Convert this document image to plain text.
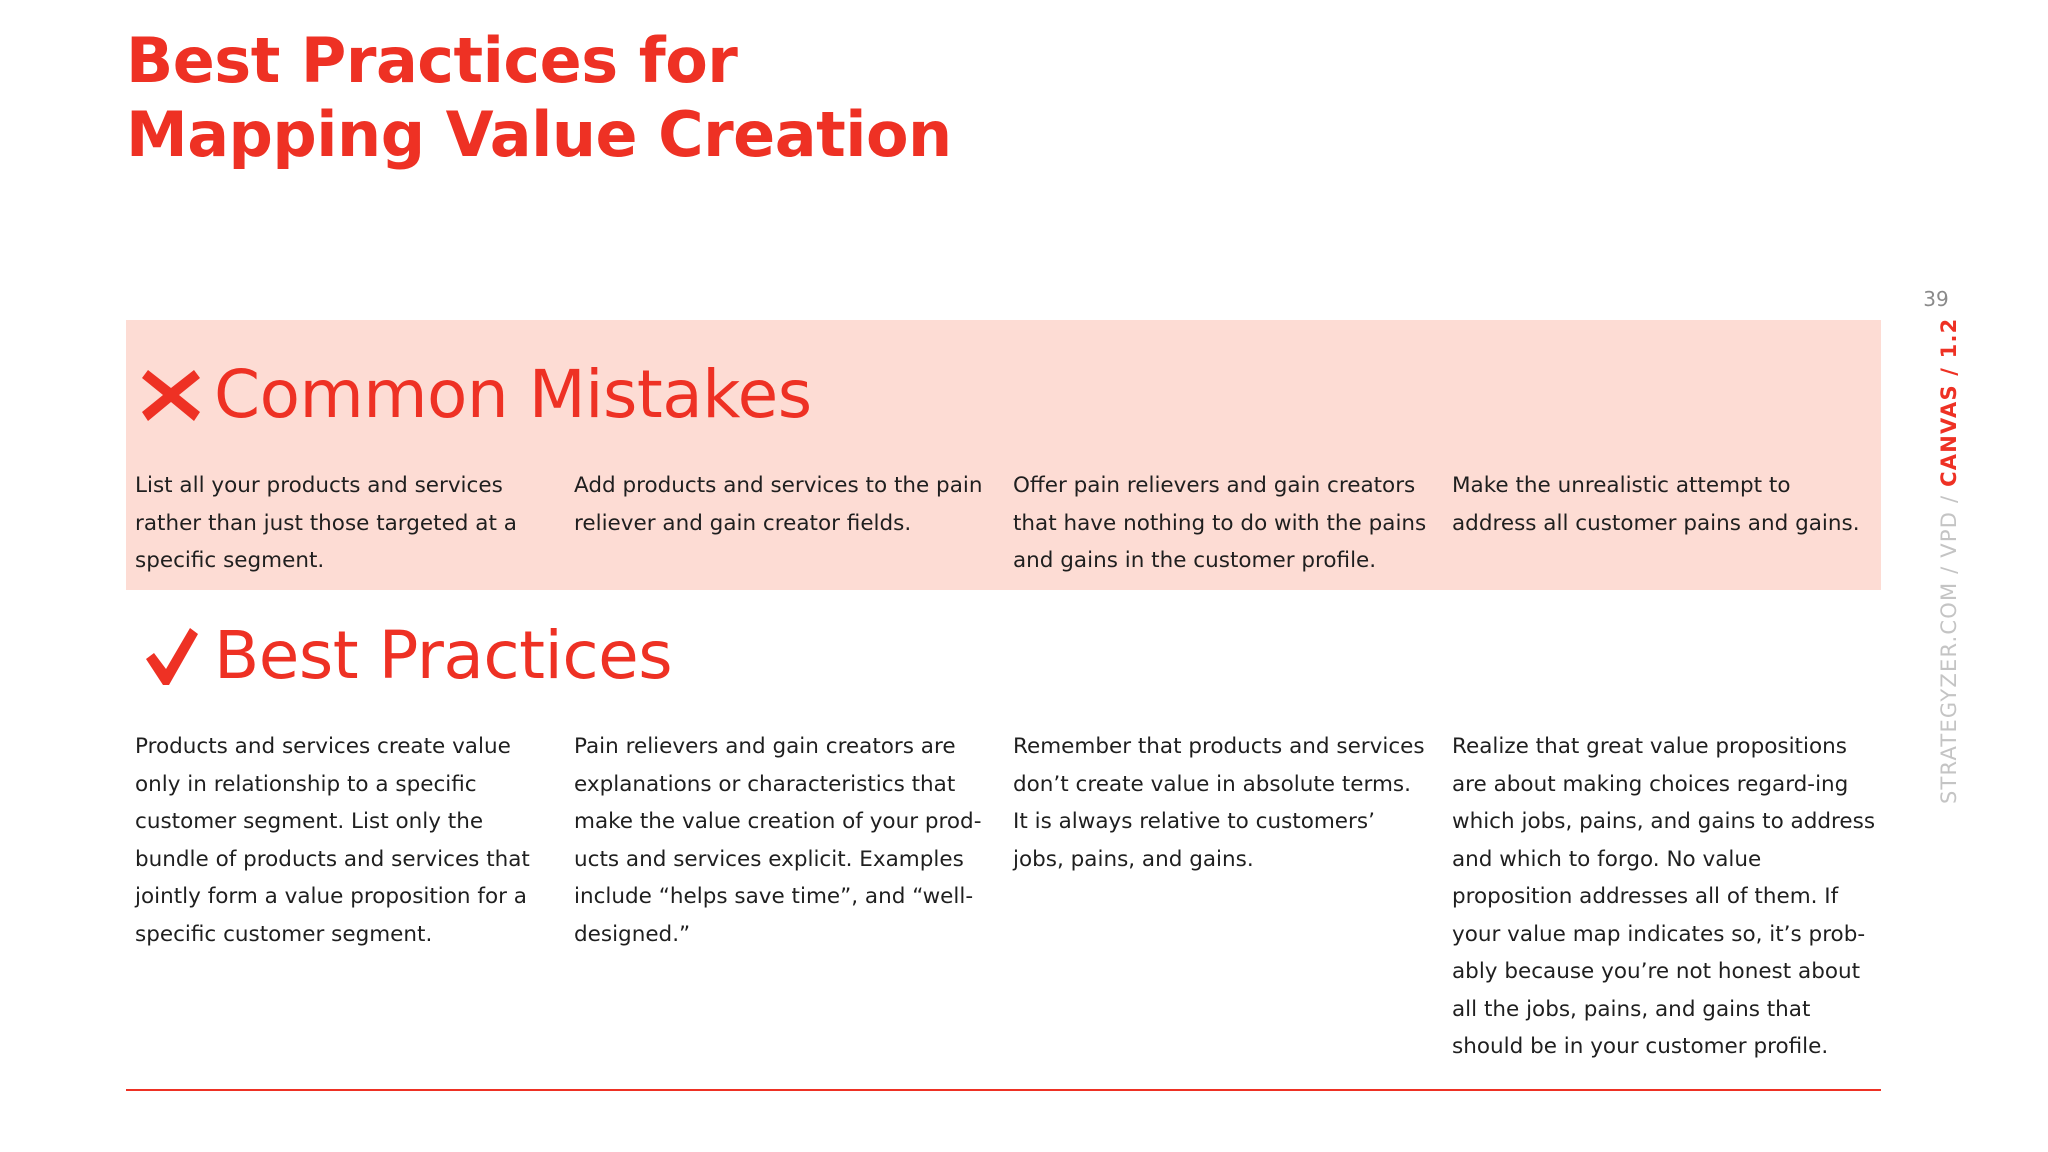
Best Practices for
Mapping Value Creation
Common Mistakes

List all your products and services rather than just those targeted at a specific segment.

Add products and services to the pain reliever and gain creator fields.

Offer pain relievers and gain creators that have nothing to do with the pains and gains in the customer profile.

Make the unrealistic attempt to address all customer pains and gains.

Best Practices

Products and services create value only in relationship to a specific customer segment. List only the bundle of products and services that jointly form a value proposition for a specific customer segment.

Pain relievers and gain creators are explanations or characteristics that make the value creation of your prod-ucts and services explicit. Examples include “helps save time”, and “well-designed.”

Remember that products and services don’t create value in absolute terms. It is always relative to customers’ jobs, pains, and gains.

Realize that great value propositions are about making choices regard-ing which jobs, pains, and gains to address and which to forgo. No value proposition addresses all of them. If your value map indicates so, it’s prob-ably because you’re not honest about all the jobs, pains, and gains that should be in your customer profile.

39
STRATEGYZER.COM / VPD / CANVAS / 1.2
